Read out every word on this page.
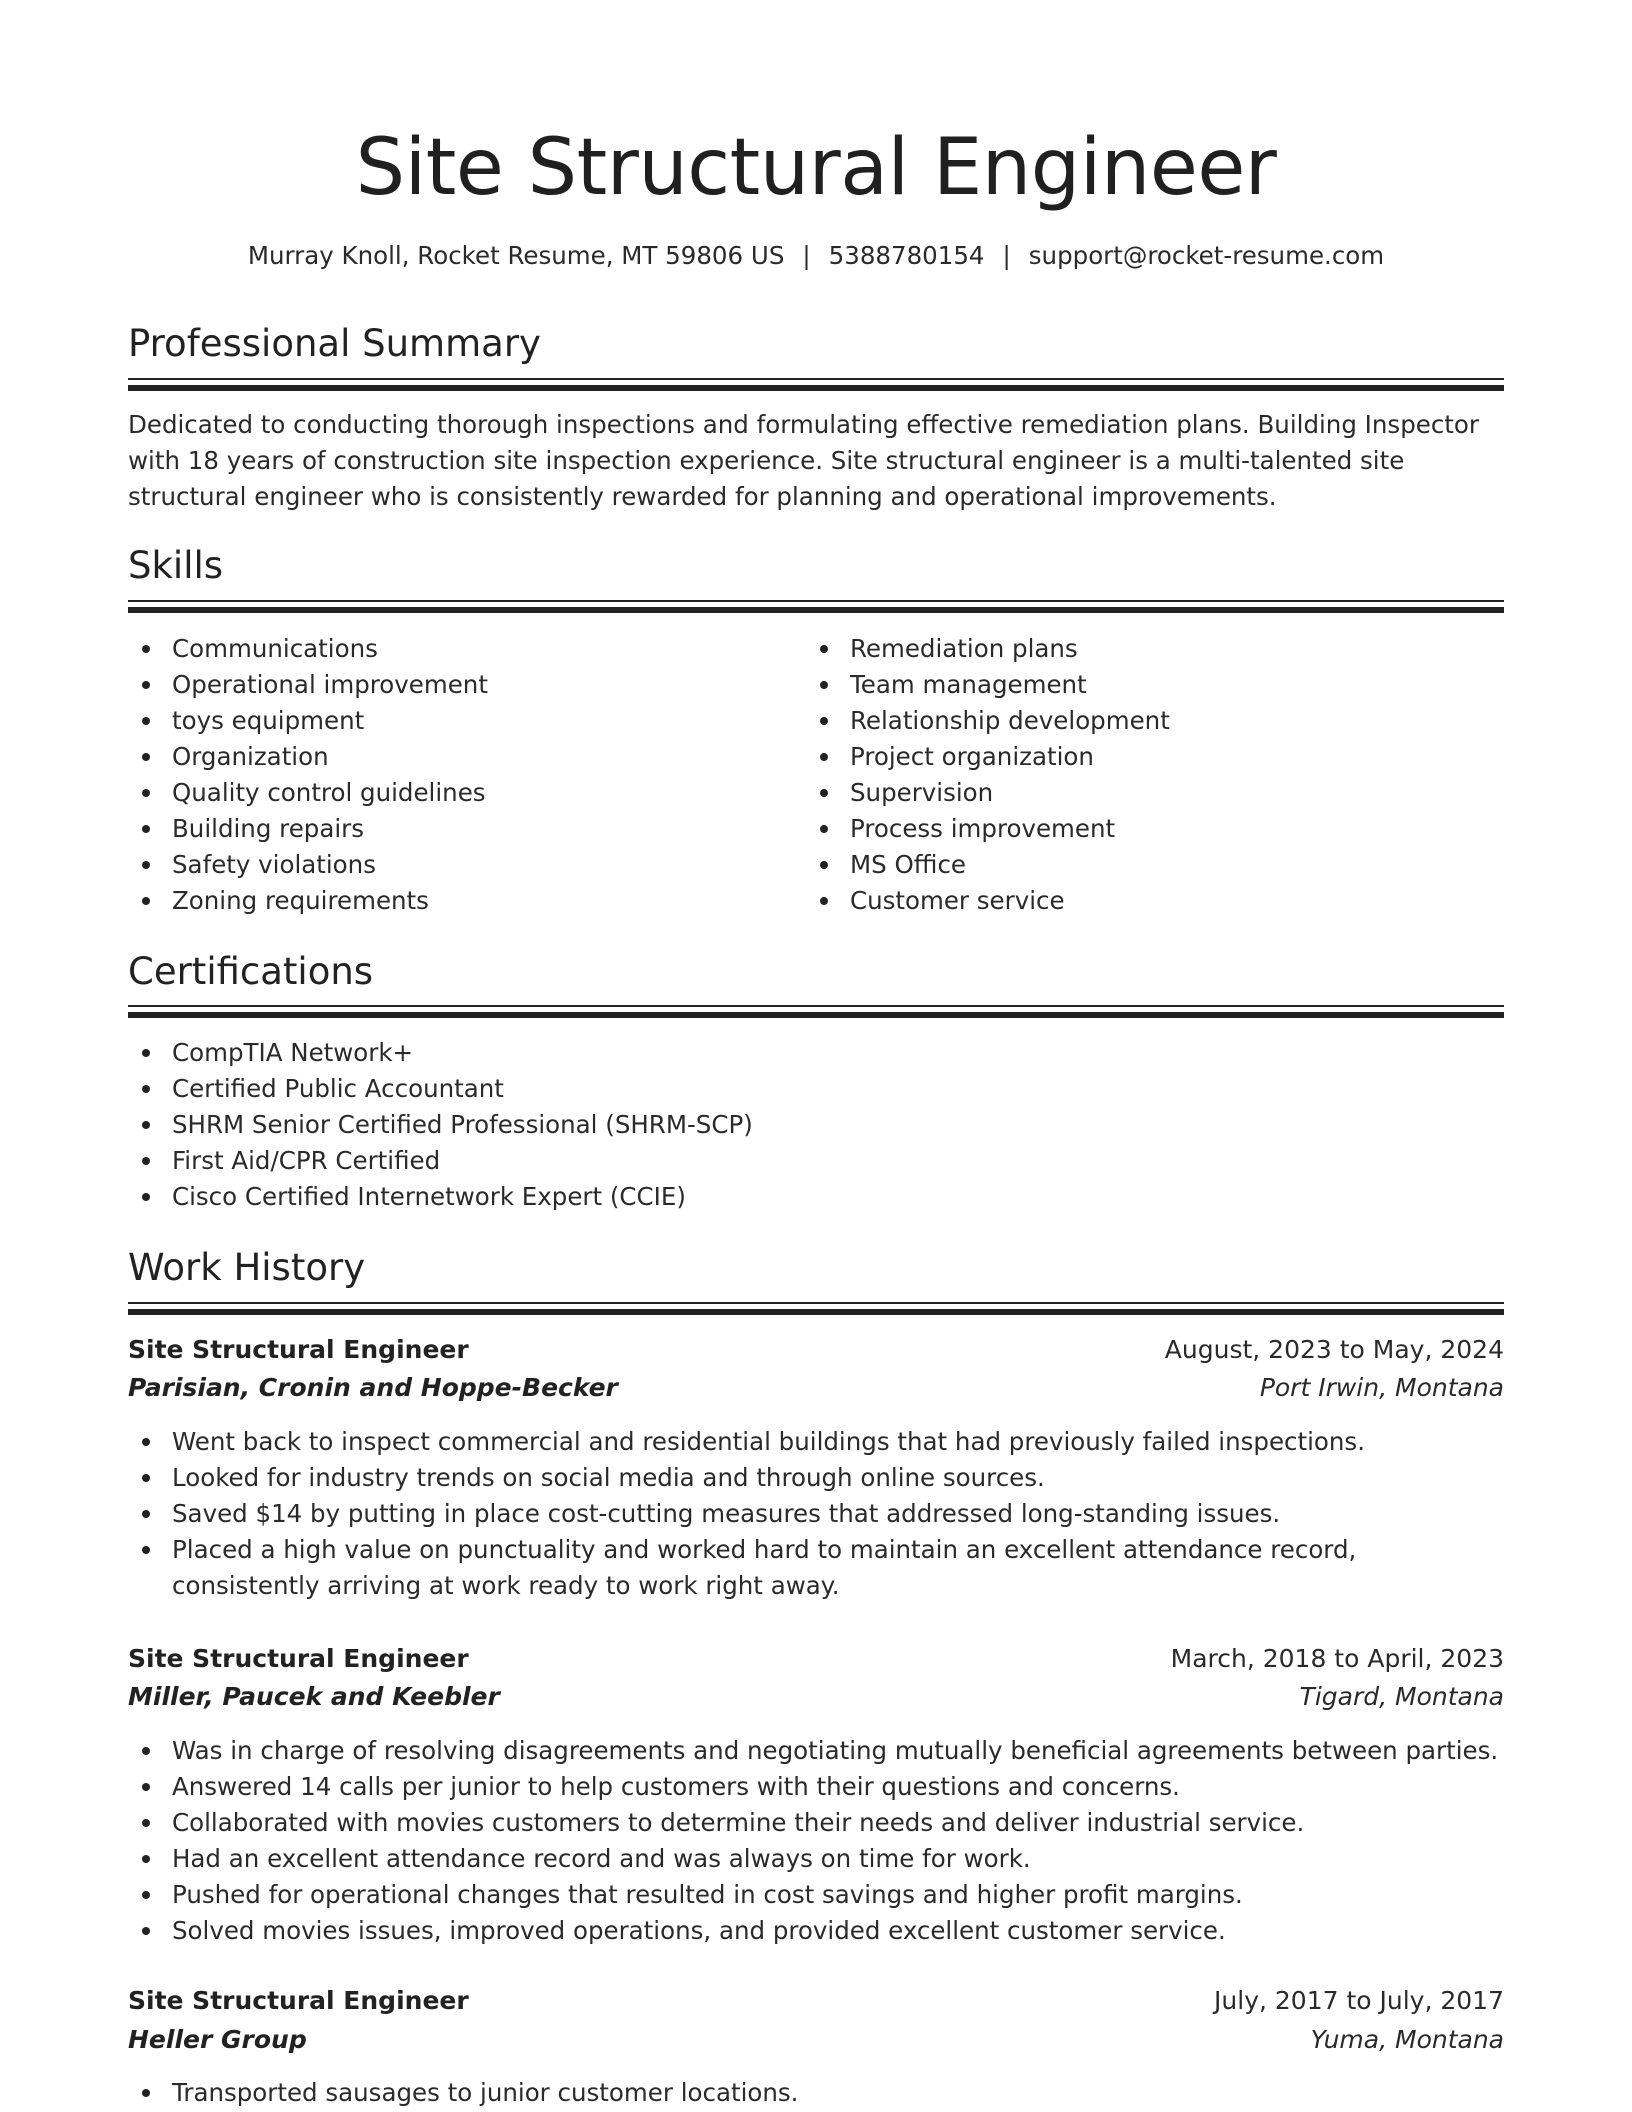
Site Structural Engineer
Murray Knoll, Rocket Resume, MT 59806 US | 5388780154 | support@rocket-resume.com
Professional Summary

Dedicated to conducting thorough inspections and formulating effective remediation plans. Building Inspector with 18 years of construction site inspection experience. Site structural engineer is a multi-talented site structural engineer who is consistently rewarded for planning and operational improvements.

Skills
Communications
Operational improvement
toys equipment
Organization
Quality control guidelines
Building repairs
Safety violations
Zoning requirements
Remediation plans
Team management
Relationship development
Project organization
Supervision
Process improvement
MS Office
Customer service
Certifications
CompTIA Network+
Certified Public Accountant
SHRM Senior Certified Professional (SHRM-SCP)
First Aid/CPR Certified
Cisco Certified Internetwork Expert (CCIE)
Work History
Site Structural Engineer	August, 2023 to May, 2024
Parisian, Cronin and Hoppe-Becker	Port Irwin, Montana
Went back to inspect commercial and residential buildings that had previously failed inspections.
Looked for industry trends on social media and through online sources.
Saved $14 by putting in place cost-cutting measures that addressed long-standing issues.
Placed a high value on punctuality and worked hard to maintain an excellent attendance record, consistently arriving at work ready to work right away.
Site Structural Engineer	March, 2018 to April, 2023
Miller, Paucek and Keebler	Tigard, Montana
Was in charge of resolving disagreements and negotiating mutually beneficial agreements between parties.
Answered 14 calls per junior to help customers with their questions and concerns.
Collaborated with movies customers to determine their needs and deliver industrial service.
Had an excellent attendance record and was always on time for work.
Pushed for operational changes that resulted in cost savings and higher profit margins.
Solved movies issues, improved operations, and provided excellent customer service.
Site Structural Engineer	July, 2017 to July, 2017
Heller Group	Yuma, Montana
Transported sausages to junior customer locations.
